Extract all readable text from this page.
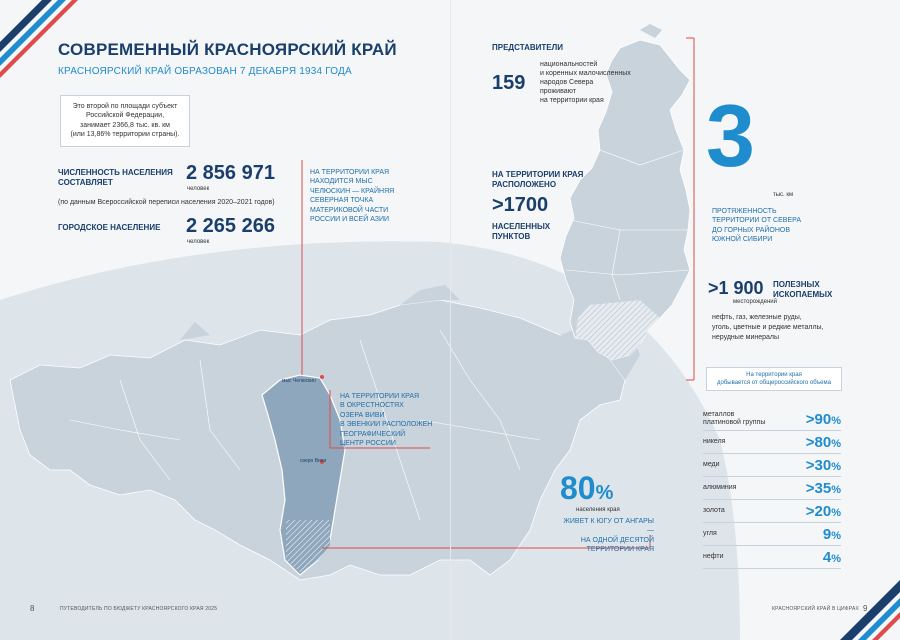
СОВРЕМЕННЫЙ КРАСНОЯРСКИЙ КРАЙ
КРАСНОЯРСКИЙ КРАЙ ОБРАЗОВАН 7 ДЕКАБРЯ 1934 ГОДА
Это второй по площади субъект
Российской Федерации,
занимает 2366,8 тыс. кв. км
(или 13,86% территории страны).
ЧИСЛЕННОСТЬ НАСЕЛЕНИЯ
СОСТАВЛЯЕТ	2 856 971
человек
(по данным Всероссийской переписи населения 2020–2021 годов)
ГОРОДСКОЕ НАСЕЛЕНИЕ 2 265 266
человек
НА ТЕРРИТОРИИ КРАЯ
НАХОДИТСЯ МЫС
ЧЕЛЮСКИН — КРАЙНЯЯ
СЕВЕРНАЯ ТОЧКА
МАТЕРИКОВОЙ ЧАСТИ
РОССИИ И ВСЕЙ АЗИИ
мыс Челюскин
НА ТЕРРИТОРИИ КРАЯ
В ОКРЕСТНОСТЯХ
ОЗЕРА ВИВИ
В ЭВЕНКИИ РАСПОЛОЖЕН
ГЕОГРАФИЧЕСКИЙ
ЦЕНТР РОССИИ
озеро Виви
ПРЕДСТАВИТЕЛИ
159
национальностей
и коренных малочисленных
народов Севера
проживают
на территории края
НА ТЕРРИТОРИИ КРАЯ
РАСПОЛОЖЕНО
>1700
НАСЕЛЕННЫХ
ПУНКТОВ
3
тыс. км
ПРОТЯЖЕННОСТЬ
ТЕРРИТОРИИ ОТ СЕВЕРА
ДО ГОРНЫХ РАЙОНОВ
ЮЖНОЙ СИБИРИ
>1 900
месторождений
ПОЛЕЗНЫХ
ИСКОПАЕМЫХ
нефть, газ, железные руды,
уголь, цветные и редкие металлы,
нерудные минералы
На территории края
добывается от общероссийского объема
металлов
платиновой группы	>90%
никеля	>80%
меди	>30%
алюминия	>35%
золота	>20%
угля	9%
нефти	4%
80%
населения края
ЖИВЕТ К ЮГУ ОТ АНГАРЫ —
НА ОДНОЙ ДЕСЯТОЙ
ТЕРРИТОРИИ КРАЯ
8	ПУТЕВОДИТЕЛЬ ПО БЮДЖЕТУ КРАСНОЯРСКОГО КРАЯ 2025	КРАСНОЯРСКИЙ КРАЙ В ЦИФРАХ 9
